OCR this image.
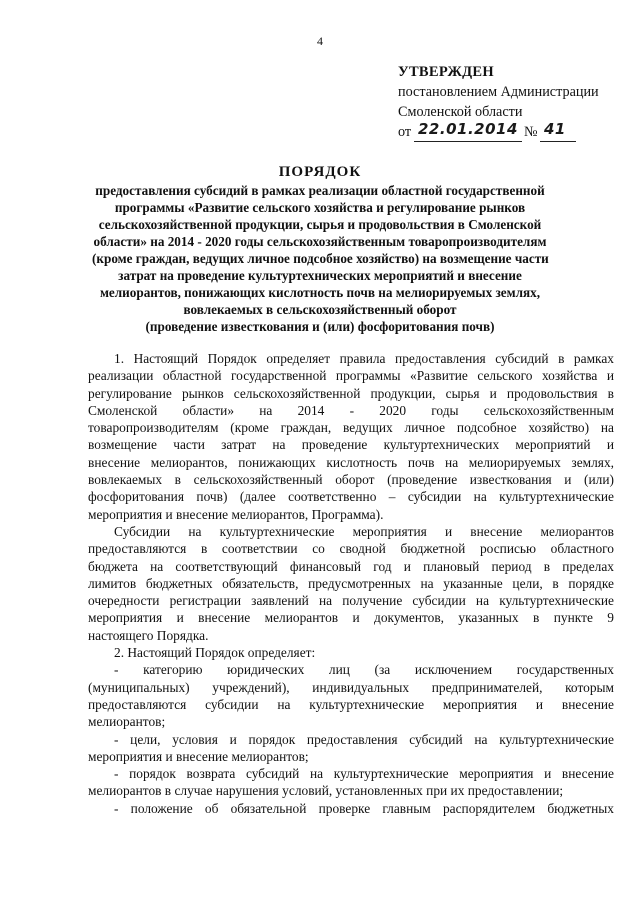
4
УТВЕРЖДЕН
постановлением Администрации
Смоленской области
от 22.01.2014 № 41
ПОРЯДОК
предоставления субсидий в рамках реализации областной государственной
программы «Развитие сельского хозяйства и регулирование рынков
сельскохозяйственной продукции, сырья и продовольствия в Смоленской
области» на 2014 - 2020 годы сельскохозяйственным товаропроизводителям
(кроме граждан, ведущих личное подсобное хозяйство) на возмещение части
затрат на проведение культуртехнических мероприятий и внесение
мелиорантов, понижающих кислотность почв на мелиорируемых землях,
вовлекаемых в сельскохозяйственный оборот
(проведение известкования и (или) фосфоритования почв)
1. Настоящий Порядок определяет правила предоставления субсидий в рамках
реализации областной государственной программы «Развитие сельского хозяйства и
регулирование рынков сельскохозяйственной продукции, сырья и продовольствия в
Смоленской области» на 2014 - 2020 годы сельскохозяйственным
товаропроизводителям (кроме граждан, ведущих личное подсобное хозяйство) на
возмещение части затрат на проведение культуртехнических мероприятий и
внесение мелиорантов, понижающих кислотность почв на мелиорируемых землях,
вовлекаемых в сельскохозяйственный оборот (проведение известкования и (или)
фосфоритования почв) (далее соответственно – субсидии на культуртехнические
мероприятия и внесение мелиорантов, Программа).
Субсидии на культуртехнические мероприятия и внесение мелиорантов
предоставляются в соответствии со сводной бюджетной росписью областного
бюджета на соответствующий финансовый год и плановый период в пределах
лимитов бюджетных обязательств, предусмотренных на указанные цели, в порядке
очередности регистрации заявлений на получение субсидии на культуртехнические
мероприятия и внесение мелиорантов и документов, указанных в пункте 9
настоящего Порядка.
2. Настоящий Порядок определяет:
- категорию юридических лиц (за исключением государственных
(муниципальных) учреждений), индивидуальных предпринимателей, которым
предоставляются субсидии на культуртехнические мероприятия и внесение
мелиорантов;
- цели, условия и порядок предоставления субсидий на культуртехнические
мероприятия и внесение мелиорантов;
- порядок возврата субсидий на культуртехнические мероприятия и внесение
мелиорантов в случае нарушения условий, установленных при их предоставлении;
- положение об обязательной проверке главным распорядителем бюджетных
